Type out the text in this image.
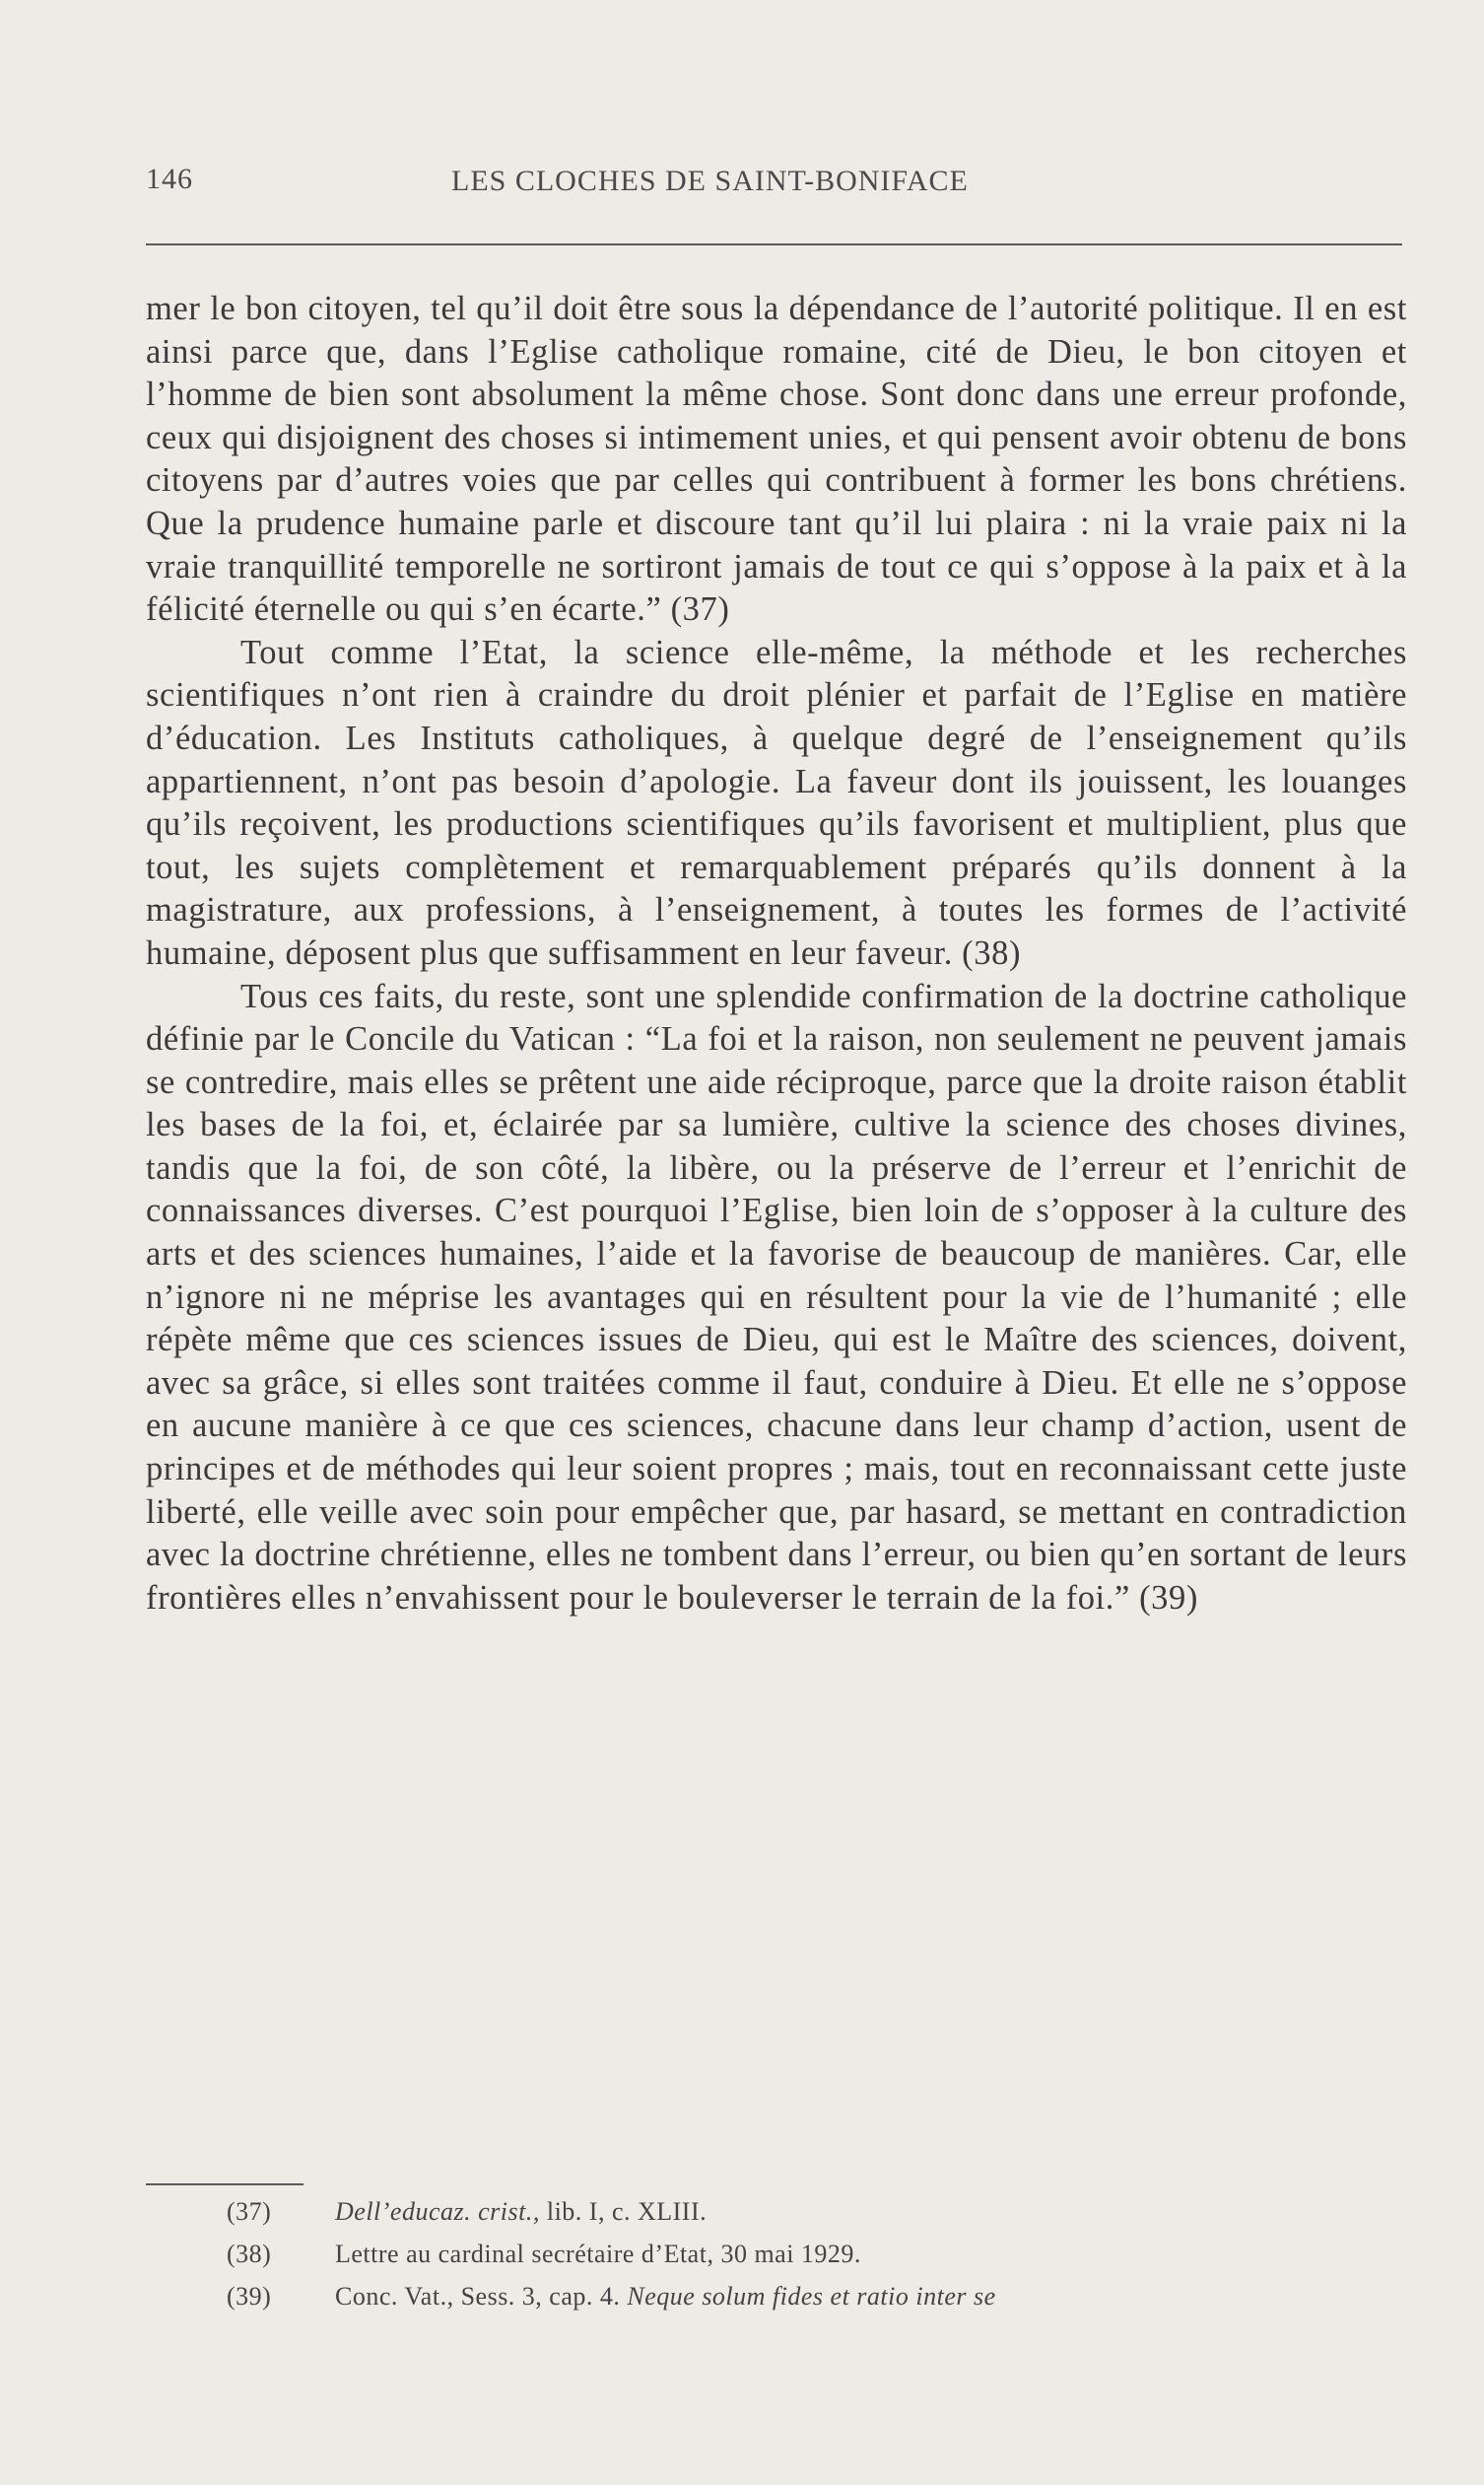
146	LES CLOCHES DE SAINT-BONIFACE

mer le bon citoyen, tel qu’il doit être sous la dépendance de l’autorité politique. Il en est ainsi parce que, dans l’Eglise catholique romaine, cité de Dieu, le bon citoyen et l’homme de bien sont absolument la même chose. Sont donc dans une erreur profonde, ceux qui disjoignent des choses si intimement unies, et qui pensent avoir obtenu de bons citoyens par d’autres voies que par celles qui contribuent à former les bons chrétiens. Que la prudence humaine parle et discoure tant qu’il lui plaira : ni la vraie paix ni la vraie tranquillité temporelle ne sortiront jamais de tout ce qui s’oppose à la paix et à la félicité éternelle ou qui s’en écarte.” (37)

Tout comme l’Etat, la science elle-même, la méthode et les recherches scientifiques n’ont rien à craindre du droit plénier et parfait de l’Eglise en matière d’éducation. Les Instituts catholiques, à quelque degré de l’enseignement qu’ils appartiennent, n’ont pas besoin d’apologie. La faveur dont ils jouissent, les louanges qu’ils reçoivent, les productions scientifiques qu’ils favorisent et multiplient, plus que tout, les sujets complètement et remarquablement préparés qu’ils donnent à la magistrature, aux professions, à l’enseignement, à toutes les formes de l’activité humaine, déposent plus que suffisamment en leur faveur. (38)

Tous ces faits, du reste, sont une splendide confirmation de la doctrine catholique définie par le Concile du Vatican : “La foi et la raison, non seulement ne peuvent jamais se contredire, mais elles se prêtent une aide réciproque, parce que la droite raison établit les bases de la foi, et, éclairée par sa lumière, cultive la science des choses divines, tandis que la foi, de son côté, la libère, ou la préserve de l’erreur et l’enrichit de connaissances diverses. C’est pourquoi l’Eglise, bien loin de s’opposer à la culture des arts et des sciences humaines, l’aide et la favorise de beaucoup de manières. Car, elle n’ignore ni ne méprise les avantages qui en résultent pour la vie de l’humanité ; elle répète même que ces sciences issues de Dieu, qui est le Maître des sciences, doivent, avec sa grâce, si elles sont traitées comme il faut, conduire à Dieu. Et elle ne s’oppose en aucune manière à ce que ces sciences, chacune dans leur champ d’action, usent de principes et de méthodes qui leur soient propres ; mais, tout en reconnaissant cette juste liberté, elle veille avec soin pour empêcher que, par hasard, se mettant en contradiction avec la doctrine chrétienne, elles ne tombent dans l’erreur, ou bien qu’en sortant de leurs frontières elles n’envahissent pour le bouleverser le terrain de la foi.” (39)

(37) Dell’educaz. crist., lib. I, c. XLIII.
(38) Lettre au cardinal secrétaire d’Etat, 30 mai 1929.
(39) Conc. Vat., Sess. 3, cap. 4. Neque solum fides et ratio inter se
